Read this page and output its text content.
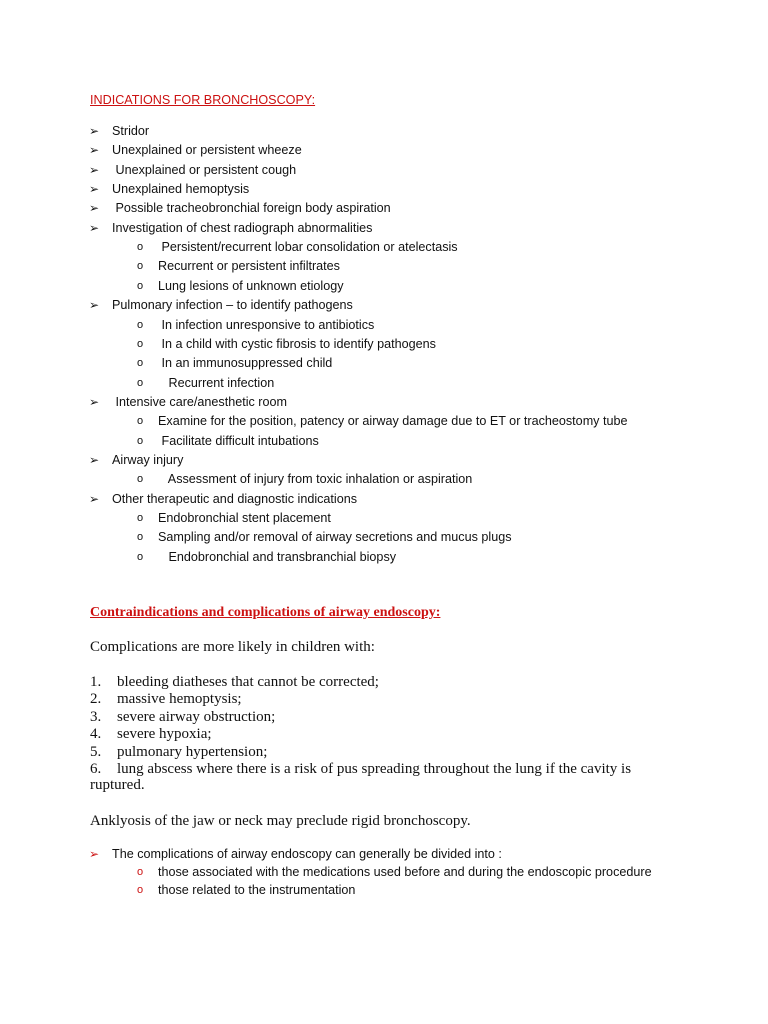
INDICATIONS FOR BRONCHOSCOPY:
➢	Stridor
➢	Unexplained or persistent wheeze
➢	Unexplained or persistent cough
➢	Unexplained hemoptysis
➢	Possible tracheobronchial foreign body aspiration
➢	Investigation of chest radiograph abnormalities
o Persistent/recurrent lobar consolidation or atelectasis
o Recurrent or persistent infiltrates
o Lung lesions of unknown etiology
➢	Pulmonary infection – to identify pathogens
o In infection unresponsive to antibiotics
o In a child with cystic fibrosis to identify pathogens
o In an immunosuppressed child
o Recurrent infection
➢	Intensive care/anesthetic room
o Examine for the position, patency or airway damage due to ET or tracheostomy tube
o Facilitate difficult intubations
➢	Airway injury
o Assessment of injury from toxic inhalation or aspiration
➢	Other therapeutic and diagnostic indications
o Endobronchial stent placement
o Sampling and/or removal of airway secretions and mucus plugs
o Endobronchial and transbranchial biopsy
Contraindications and complications of airway endoscopy:
Complications are more likely in children with:
1.	bleeding diatheses that cannot be corrected;
2.	massive hemoptysis;
3.	severe airway obstruction;
4.	severe hypoxia;
5.	pulmonary hypertension;
6.	lung abscess where there is a risk of pus spreading throughout the lung if the cavity is
ruptured.
Anklyosis of the jaw or neck may preclude rigid bronchoscopy.
➢	The complications of airway endoscopy can generally be divided into :
o those associated with the medications used before and during the endoscopic procedure
o those related to the instrumentation
